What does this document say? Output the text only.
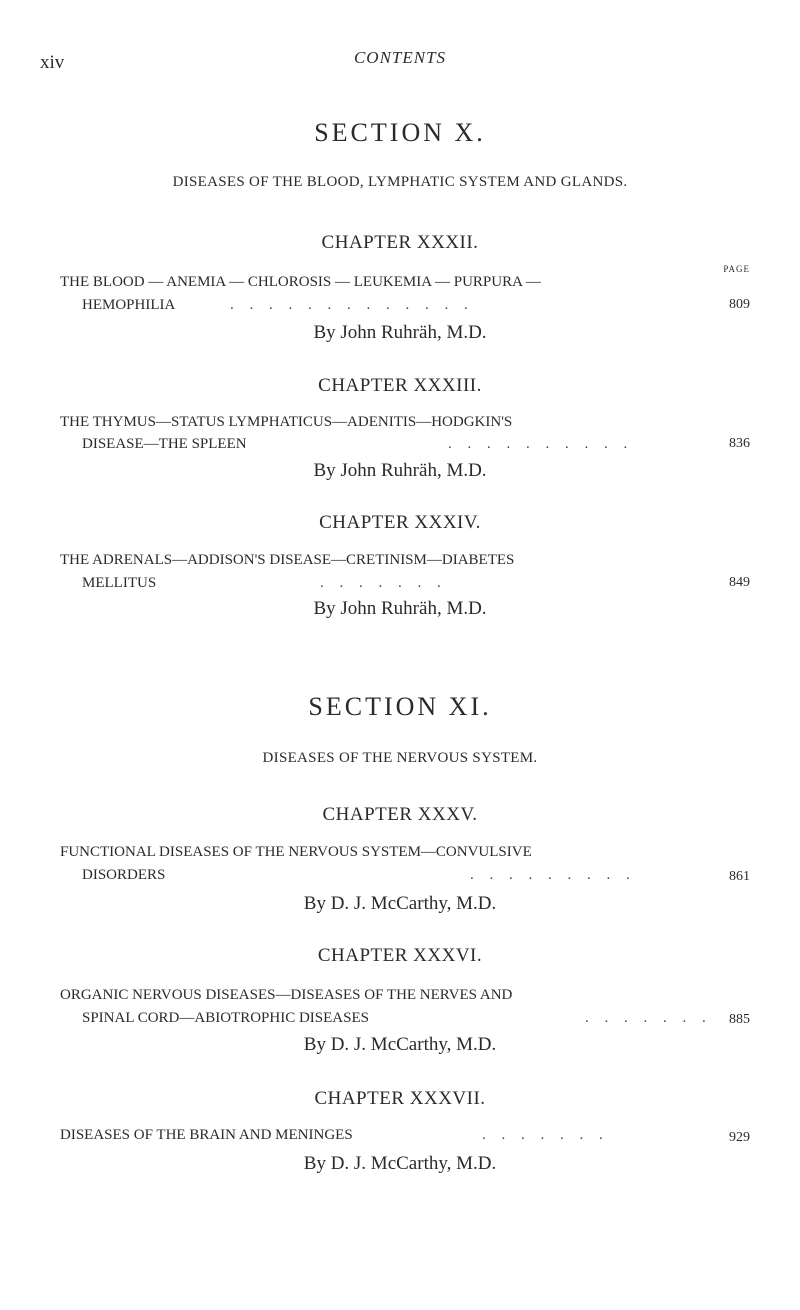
xiv	CONTENTS
SECTION X.
DISEASES OF THE BLOOD, LYMPHATIC SYSTEM AND GLANDS.
CHAPTER XXXII.
PAGE
THE BLOOD — ANEMIA — CHLOROSIS — LEUKEMIA — PURPURA —
HEMOPHILIA	. . . . . . . . . . . . .	809
By John Ruhräh, M.D.
CHAPTER XXXIII.
THE THYMUS—STATUS LYMPHATICUS—ADENITIS—HODGKIN'S
DISEASE—THE SPLEEN	. . . . . . . . . .	836
By John Ruhräh, M.D.
CHAPTER XXXIV.
THE ADRENALS—ADDISON'S DISEASE—CRETINISM—DIABETES
MELLITUS	. . . . . . .	849
By John Ruhräh, M.D.
SECTION XI.
DISEASES OF THE NERVOUS SYSTEM.
CHAPTER XXXV.
FUNCTIONAL DISEASES OF THE NERVOUS SYSTEM—CONVULSIVE
DISORDERS	. . . . . . . . .	861
By D. J. McCarthy, M.D.
CHAPTER XXXVI.
ORGANIC NERVOUS DISEASES—DISEASES OF THE NERVES AND
SPINAL CORD—ABIOTROPHIC DISEASES	. . . . . . . 885
By D. J. McCarthy, M.D.
CHAPTER XXXVII.
DISEASES OF THE BRAIN AND MENINGES	. . . . . . .	929
By D. J. McCarthy, M.D.
